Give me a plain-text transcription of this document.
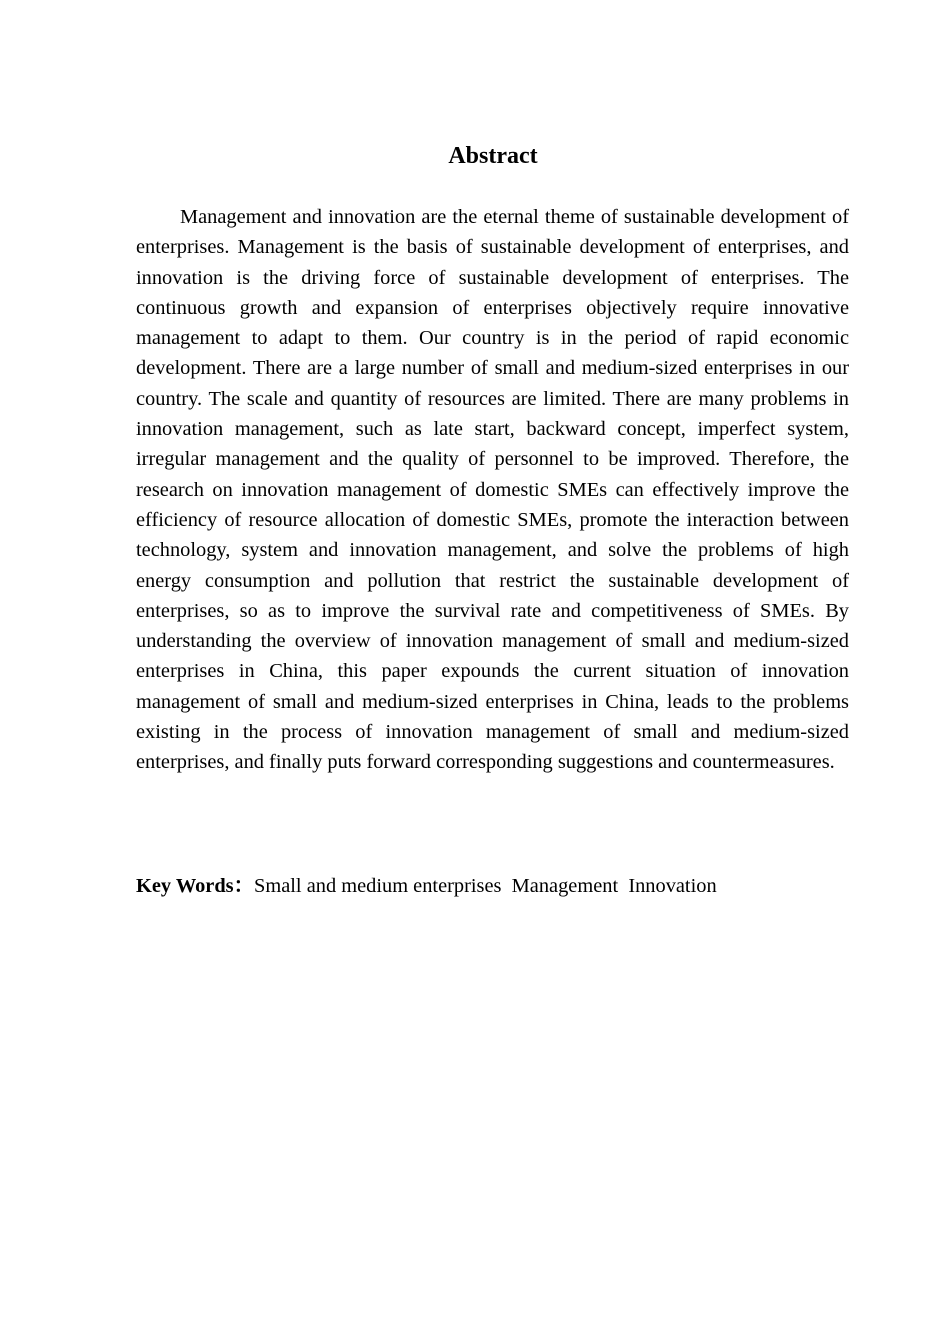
Abstract

Management and innovation are the eternal theme of sustainable development of enterprises. Management is the basis of sustainable development of enterprises, and innovation is the driving force of sustainable development of enterprises. The continuous growth and expansion of enterprises objectively require innovative management to adapt to them. Our country is in the period of rapid economic development. There are a large number of small and medium-sized enterprises in our country. The scale and quantity of resources are limited. There are many problems in innovation management, such as late start, backward concept, imperfect system, irregular management and the quality of personnel to be improved. Therefore, the research on innovation management of domestic SMEs can effectively improve the efficiency of resource allocation of domestic SMEs, promote the interaction between technology, system and innovation management, and solve the problems of high energy consumption and pollution that restrict the sustainable development of enterprises, so as to improve the survival rate and competitiveness of SMEs. By understanding the overview of innovation management of small and medium-sized enterprises in China, this paper expounds the current situation of innovation management of small and medium-sized enterprises in China, leads to the problems existing in the process of innovation management of small and medium-sized enterprises, and finally puts forward corresponding suggestions and countermeasures.

Key Words：Small and medium enterprises  Management  Innovation
